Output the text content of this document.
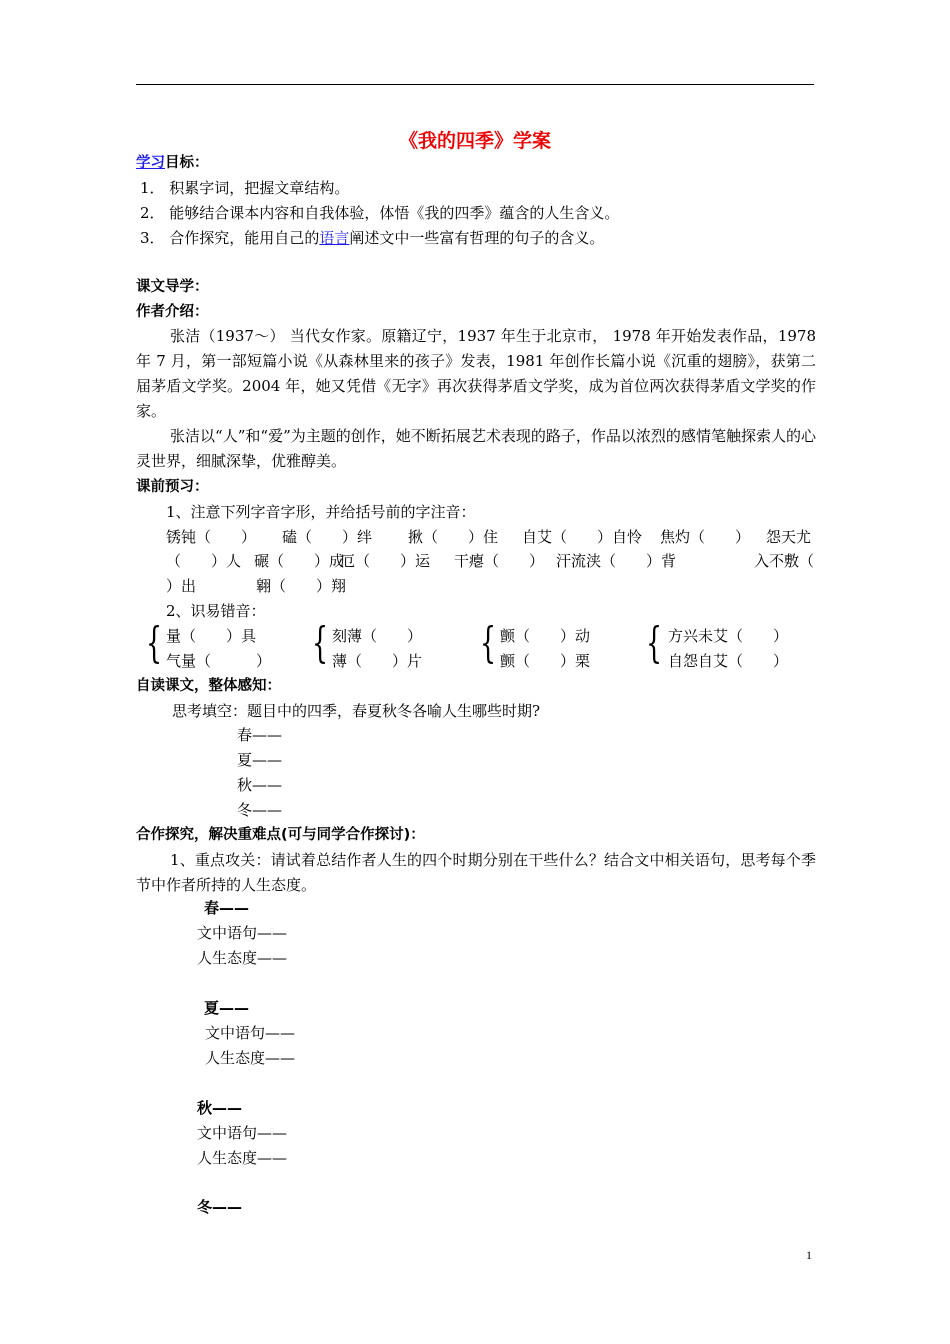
《我的四季》学案
学习目标：
1． 积累字词，把握文章结构。
2． 能够结合课本内容和自我体验，体悟《我的四季》蕴含的人生含义。
3． 合作探究，能用自己的语言阐述文中一些富有哲理的句子的含义。
课文导学：
作者介绍：
张洁（1937～） 当代女作家。原籍辽宁，1937 年生于北京市， 1978 年开始发表作品，1978年 7 月，第一部短篇小说《从森林里来的孩子》发表，1981 年创作长篇小说《沉重的翅膀》，获第二届茅盾文学奖。2004 年，她又凭借《无字》再次获得茅盾文学奖，成为首位两次获得茅盾文学奖的作家。
张洁以“人”和“爱”为主题的创作，她不断拓展艺术表现的路子，作品以浓烈的感情笔触探索人的心灵世界，细腻深挚，优雅醇美。
课前预习：
1、注意下列字音字形，并给括号前的字注音：
锈钝（　　） 磕（　　）绊 揪（　　）住 自艾（　　）自怜 焦灼（　　） 怨天尤
（　　）人 碾（　　）成
厄（　　）运 干瘪（　　） 汗流浃（　　）背	入不敷（
）出	翱（　　）翔
2、识易错音：
{ 量（　　）具
气量（　　　） { 刻薄（　　）
薄（　　）片 { 颤（　　）动
颤（　　）栗 { 方兴未艾（　　）
自怨自艾（　　）
自读课文，整体感知：
思考填空：题目中的四季，春夏秋冬各喻人生哪些时期?
春——
夏——
秋——
冬——
合作探究，解决重难点(可与同学合作探讨)：
1、重点攻关：请试着总结作者人生的四个时期分别在干些什么？结合文中相关语句，思考每个季节中作者所持的人生态度。
春——
文中语句——
人生态度——
夏——
文中语句——
人生态度——
秋——
文中语句——
人生态度——
冬——
1
